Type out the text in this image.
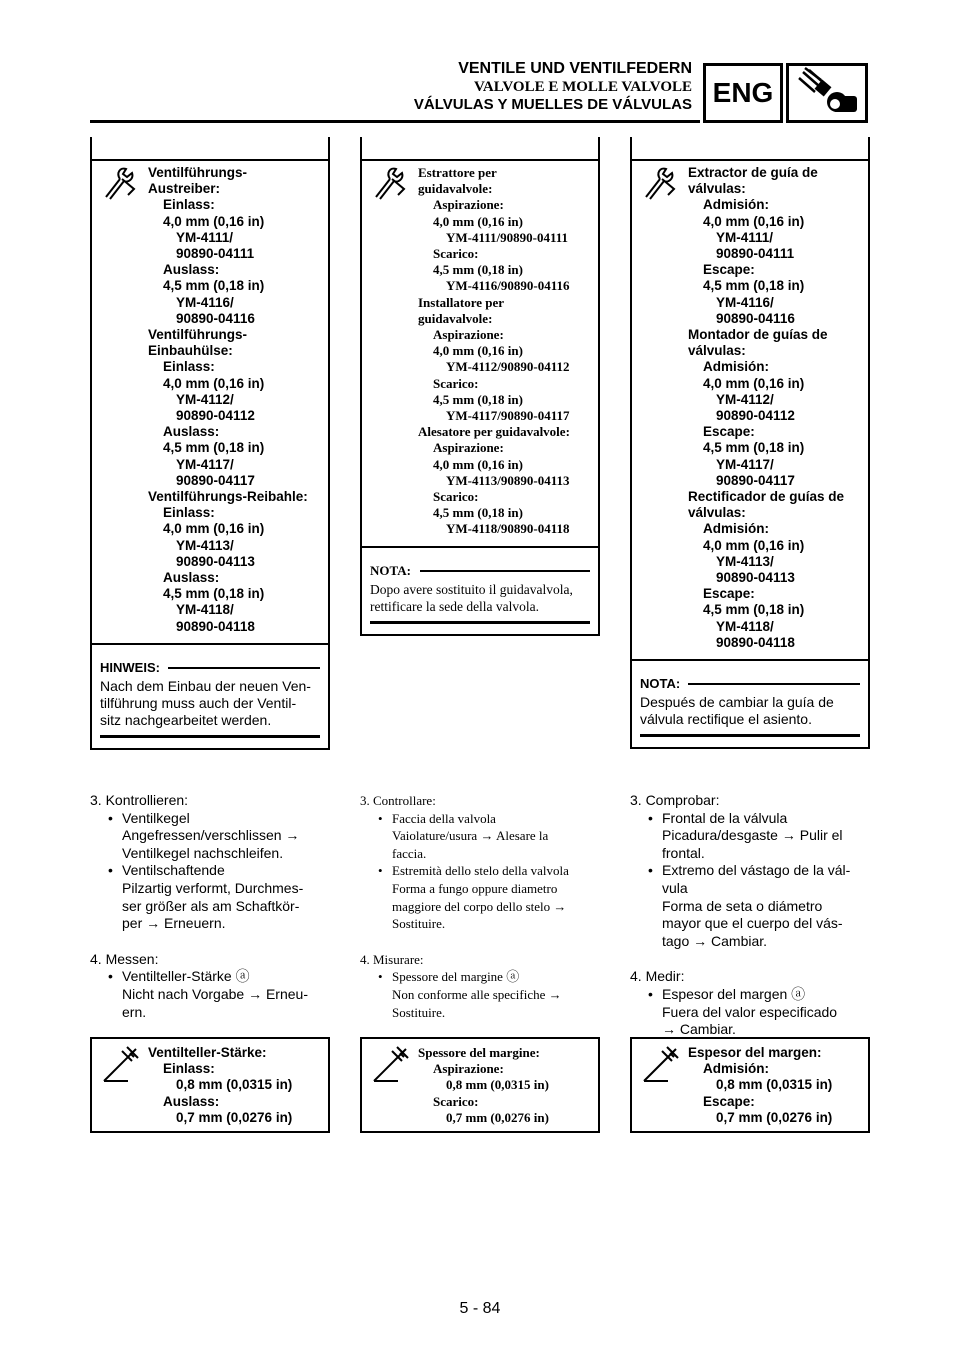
VENTILE UND VENTILFEDERN
VALVOLE E MOLLE VALVOLE
VÁLVULAS Y MUELLES DE VÁLVULAS ENG
Ventilführungs-
Austreiber:
Einlass:
4,0 mm (0,16 in)
YM-4111/
90890-04111
Auslass:
4,5 mm (0,18 in)
YM-4116/
90890-04116
Ventilführungs-
Einbauhülse:
Einlass:
4,0 mm (0,16 in)
YM-4112/
90890-04112
Auslass:
4,5 mm (0,18 in)
YM-4117/
90890-04117
Ventilführungs-Reibahle:
Einlass:
4,0 mm (0,16 in)
YM-4113/
90890-04113
Auslass:
4,5 mm (0,18 in)
YM-4118/
90890-04118
HINWEIS:
Nach dem Einbau der neuen Ven-
tilführung muss auch der Ventil-
sitz nachgearbeitet werden.
Estrattore per
guidavalvole:
Aspirazione:
4,0 mm (0,16 in)
YM-4111/90890-04111
Scarico:
4,5 mm (0,18 in)
YM-4116/90890-04116
Installatore per
guidavalvole:
Aspirazione:
4,0 mm (0,16 in)
YM-4112/90890-04112
Scarico:
4,5 mm (0,18 in)
YM-4117/90890-04117
Alesatore per guidavalvole:
Aspirazione:
4,0 mm (0,16 in)
YM-4113/90890-04113
Scarico:
4,5 mm (0,18 in)
YM-4118/90890-04118
NOTA:
Dopo avere sostituito il guidavalvola,
rettificare la sede della valvola.
Extractor de guía de
válvulas:
Admisión:
4,0 mm (0,16 in)
YM-4111/
90890-04111
Escape:
4,5 mm (0,18 in)
YM-4116/
90890-04116
Montador de guías de
válvulas:
Admisión:
4,0 mm (0,16 in)
YM-4112/
90890-04112
Escape:
4,5 mm (0,18 in)
YM-4117/
90890-04117
Rectificador de guías de
válvulas:
Admisión:
4,0 mm (0,16 in)
YM-4113/
90890-04113
Escape:
4,5 mm (0,18 in)
YM-4118/
90890-04118
NOTA:
Después de cambiar la guía de
válvula rectifique el asiento.
3. Kontrollieren:
• Ventilkegel
Angefressen/verschlissen →
Ventilkegel nachschleifen.
• Ventilschaftende
Pilzartig verformt, Durchmes-
ser größer als am Schaftkör-
per → Erneuern.
4. Messen:
• Ventilteller-Stärke ⓐ
Nicht nach Vorgabe → Erneu-
ern.
3. Controllare:
• Faccia della valvola
Vaiolature/usura → Alesare la
faccia.
• Estremità dello stelo della valvola
Forma a fungo oppure diametro
maggiore del corpo dello stelo →
Sostituire.
4. Misurare:
• Spessore del margine ⓐ
Non conforme alle specifiche →
Sostituire.
3. Comprobar:
• Frontal de la válvula
Picadura/desgaste → Pulir el
frontal.
• Extremo del vástago de la vál-
vula
Forma de seta o diámetro
mayor que el cuerpo del vás-
tago → Cambiar.
4. Medir:
• Espesor del margen ⓐ
Fuera del valor especificado
→ Cambiar.
Ventilteller-Stärke:
Einlass:
0,8 mm (0,0315 in)
Auslass:
0,7 mm (0,0276 in)
Spessore del margine:
Aspirazione:
0,8 mm (0,0315 in)
Scarico:
0,7 mm (0,0276 in)
Espesor del margen:
Admisión:
0,8 mm (0,0315 in)
Escape:
0,7 mm (0,0276 in)
5 - 84
